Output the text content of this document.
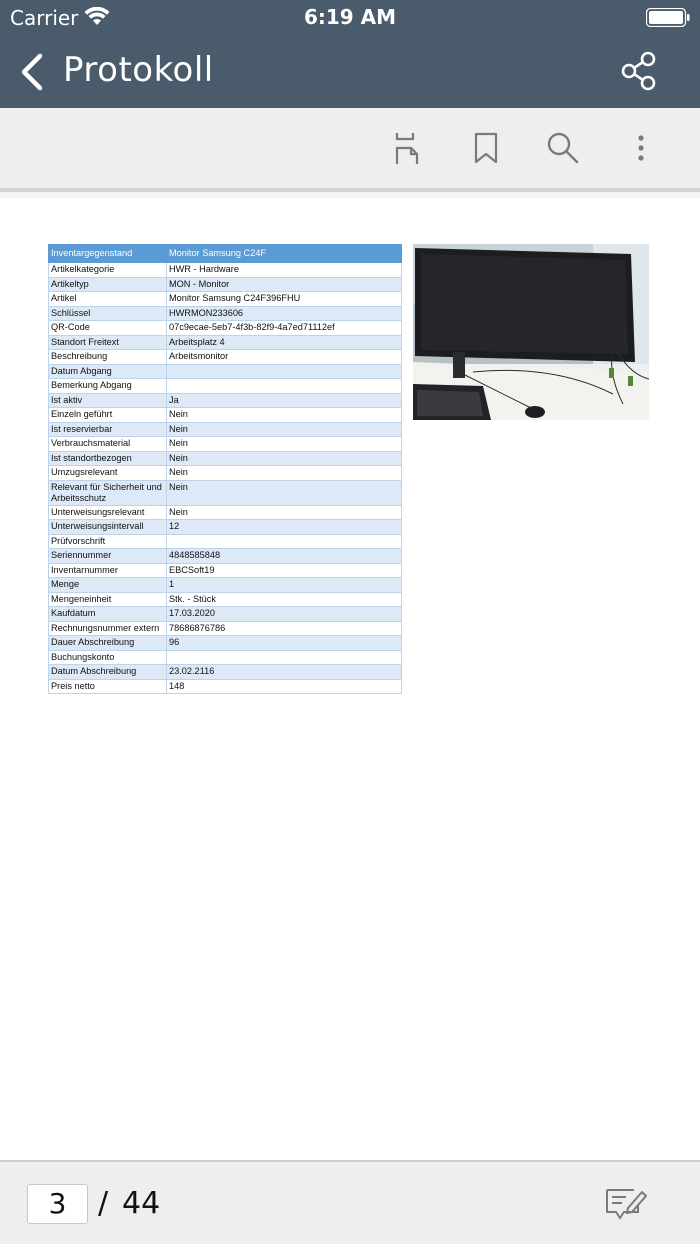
Carrier	6:19 AM
Protokoll
Inventargegenstand	Monitor Samsung C24F
Artikelkategorie	HWR - Hardware
Artikeltyp	MON - Monitor
Artikel	Monitor Samsung C24F396FHU
Schlüssel	HWRMON233606
QR-Code	07c9ecae-5eb7-4f3b-82f9-4a7ed71112ef
Standort Freitext	Arbeitsplatz 4
Beschreibung	Arbeitsmonitor
Datum Abgang	
Bemerkung Abgang	
Ist aktiv	Ja
Einzeln geführt	Nein
Ist reservierbar	Nein
Verbrauchsmaterial	Nein
Ist standortbezogen	Nein
Umzugsrelevant	Nein
Relevant für Sicherheit und Arbeitsschutz	Nein
Unterweisungsrelevant	Nein
Unterweisungsintervall	12
Prüfvorschrift	
Seriennummer	4848585848
Inventarnummer	EBCSoft19
Menge	1
Mengeneinheit	Stk. - Stück
Kaufdatum	17.03.2020
Rechnungsnummer extern	78686876786
Dauer Abschreibung	96
Buchungskonto	
Datum Abschreibung	23.02.2116
Preis netto	148
3	/ 44
